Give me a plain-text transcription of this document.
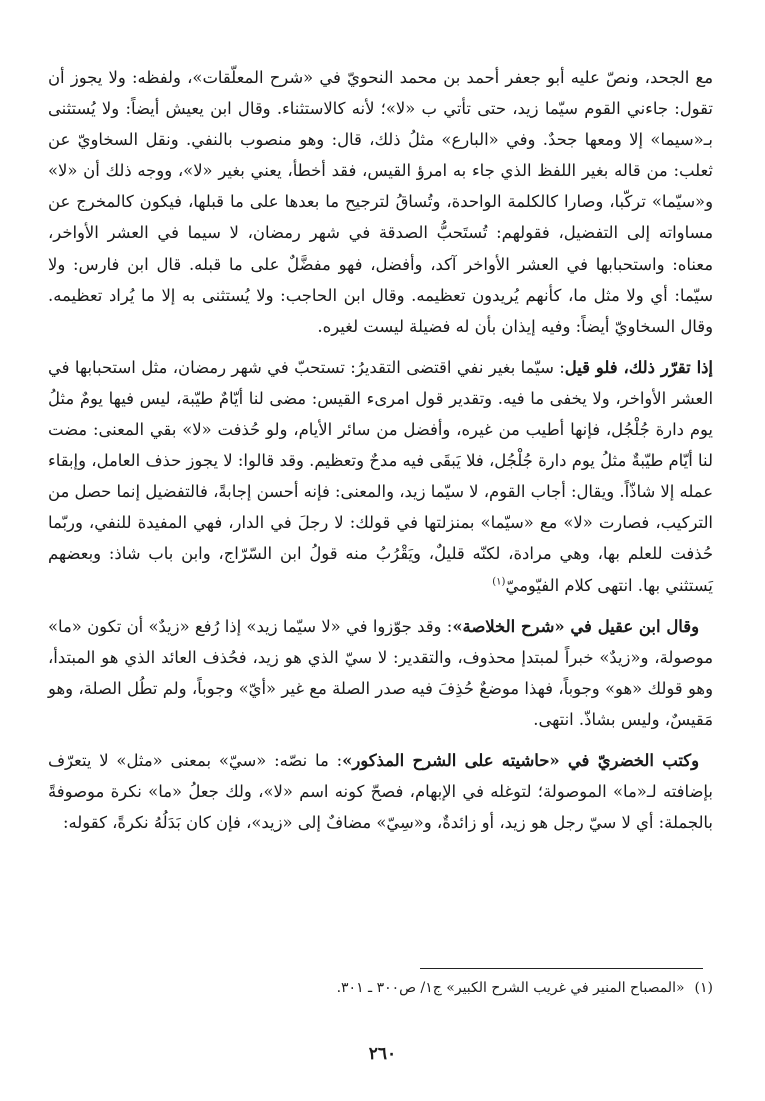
مع الجحد، ونصّ عليه أبو جعفر أحمد بن محمد النحويّ في «شرح المعلّقات»، ولفظه: ولا يجوز أن تقول: جاءني القوم سيّما زيد، حتى تأتي ب «لا»؛ لأنه كالاستثناء. وقال ابن يعيش أيضاً: ولا يُستثنى بـ«سيما» إلا ومعها جحدٌ. وفي «البارع» مثلُ ذلك، قال: وهو منصوب بالنفي. ونقل السخاويّ عن ثعلب: من قاله بغير اللفظ الذي جاء به امرؤ القيس، فقد أخطأ، يعني بغير «لا»، ووجه ذلك أن «لا» و«سيّما» تركّبا، وصارا كالكلمة الواحدة، وتُساقُ لترجيح ما بعدها على ما قبلها، فيكون كالمخرج عن مساواته إلى التفضيل، فقولهم: تُستَحبُّ الصدقة في شهر رمضان، لا سيما في العشر الأواخر، معناه: واستحبابها في العشر الأواخر آكد، وأفضل، فهو مفضَّلٌ على ما قبله. قال ابن فارس: ولا سيّما: أي ولا مثل ما، كأنهم يُريدون تعظيمه. وقال ابن الحاجب: ولا يُستثنى به إلا ما يُراد تعظيمه. وقال السخاويّ أيضاً: وفيه إيذان بأن له فضيلة ليست لغيره.

إذا تقرّر ذلك، فلو قيل: سيّما بغير نفي اقتضى التقديرُ: تستحبّ في شهر رمضان، مثل استحبابها في العشر الأواخر، ولا يخفى ما فيه. وتقدير قول امرىء القيس: مضى لنا أيّامٌ طيّبة، ليس فيها يومٌ مثلُ يوم دارة جُلْجُل، فإنها أطيب من غيره، وأفضل من سائر الأيام، ولو حُذفت «لا» بقي المعنى: مضت لنا أيّام طيّبةٌ مثلُ يوم دارة جُلْجُل، فلا يَبقَى فيه مدحٌ وتعظيم. وقد قالوا: لا يجوز حذف العامل، وإبقاء عمله إلا شاذّاً. ويقال: أجاب القوم، لا سيّما زيد، والمعنى: فإنه أحسن إجابةً، فالتفضيل إنما حصل من التركيب، فصارت «لا» مع «سيّما» بمنزلتها في قولك: لا رجلَ في الدار، فهي المفيدة للنفي، وربّما حُذفت للعلم بها، وهي مرادة، لكنّه قليلٌ، ويَقْرُبُ منه قولُ ابن السّرّاج، وابن باب شاذ: وبعضهم يَستثني بها. انتهى كلام الفيّوميّ$^{(١)}$

وقال ابن عقيل في «شرح الخلاصة»: وقد جوّزوا في «لا سيّما زيد» إذا رُفع «زيدٌ» أن تكون «ما» موصولة، و«زيدٌ» خبراً لمبتدإ محذوف، والتقدير: لا سيّ الذي هو زيد، فحُذف العائد الذي هو المبتدأ، وهو قولك «هو» وجوباً، فهذا موضعٌ حُذِفَ فيه صدر الصلة مع غير «أيّ» وجوباً، ولم تطُل الصلة، وهو مَقيسٌ، وليس بشاذّ. انتهى.

وكتب الخضريّ في «حاشيته على الشرح المذكور»: ما نصّه: «سيّ» بمعنى «مثل» لا يتعرّف بإضافته لـ«ما» الموصولة؛ لتوغله في الإبهام، فصحّ كونه اسم «لا»، ولك جعلُ «ما» نكرة موصوفةً بالجملة: أي لا سيّ رجل هو زيد، أو زائدةٌ، و«سِيّ» مضافٌ إلى «زيد»، فإن كان بَدَلُهُ نكرةً، كقوله:

(١)«المصباح المنير في غريب الشرح الكبير» ج١/ ص٣٠٠ ـ ٣٠١.
٢٦٠
